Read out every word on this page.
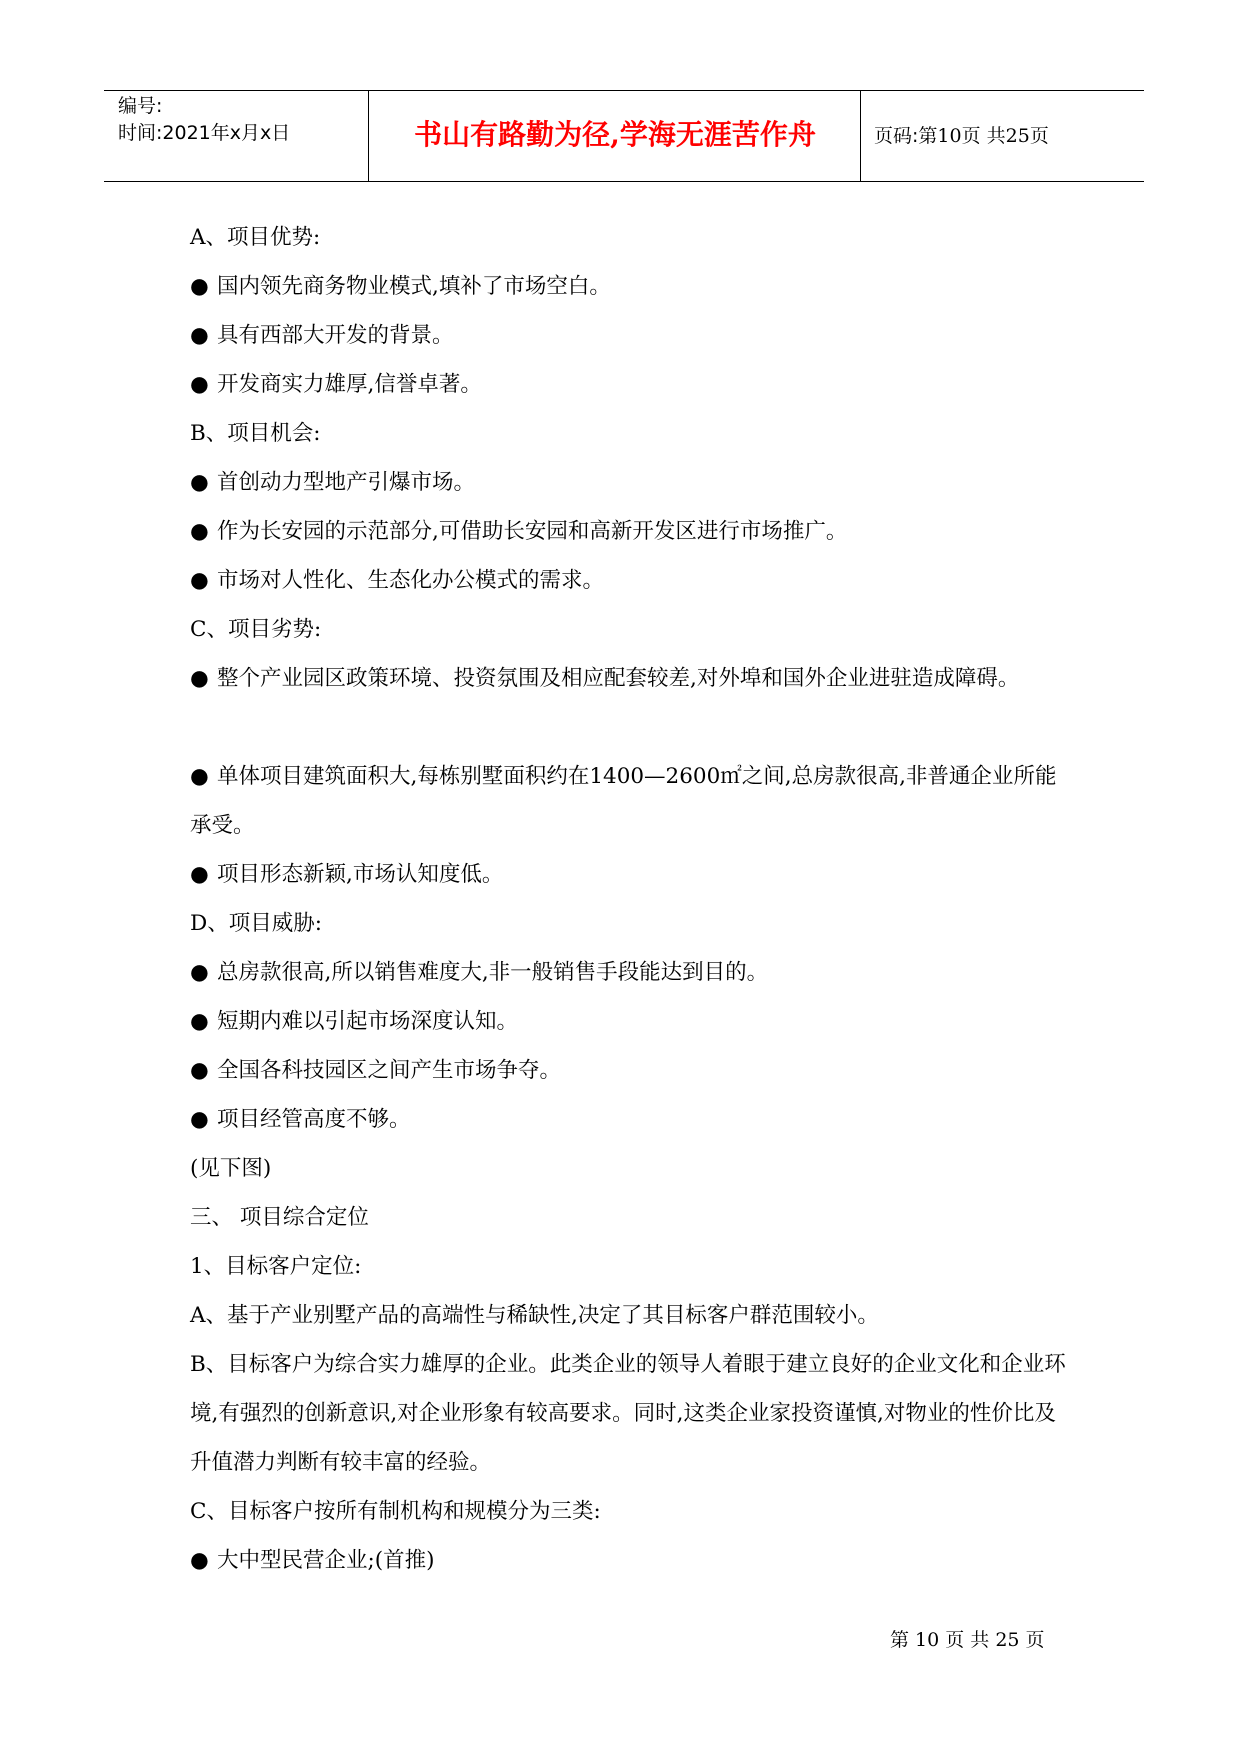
编号:
时间:2021年x月x日	书山有路勤为径,学海无涯苦作舟	页码:第10页 共25页
A、项目优势:
● 国内领先商务物业模式,填补了市场空白。
● 具有西部大开发的背景。
● 开发商实力雄厚,信誉卓著。
B、项目机会:
● 首创动力型地产引爆市场。
● 作为长安园的示范部分,可借助长安园和高新开发区进行市场推广。
● 市场对人性化、生态化办公模式的需求。
C、项目劣势:
● 整个产业园区政策环境、投资氛围及相应配套较差,对外埠和国外企业进驻造成障碍。
● 单体项目建筑面积大,每栋别墅面积约在1400—2600㎡之间,总房款很高,非普通企业所能承受。
● 项目形态新颖,市场认知度低。
D、项目威胁:
● 总房款很高,所以销售难度大,非一般销售手段能达到目的。
● 短期内难以引起市场深度认知。
● 全国各科技园区之间产生市场争夺。
● 项目经管高度不够。
(见下图)
三、 项目综合定位
1、目标客户定位:
A、基于产业别墅产品的高端性与稀缺性,决定了其目标客户群范围较小。
B、目标客户为综合实力雄厚的企业。此类企业的领导人着眼于建立良好的企业文化和企业环境,有强烈的创新意识,对企业形象有较高要求。同时,这类企业家投资谨慎,对物业的性价比及升值潜力判断有较丰富的经验。
C、目标客户按所有制机构和规模分为三类:
● 大中型民营企业;(首推)
第 10 页 共 25 页
